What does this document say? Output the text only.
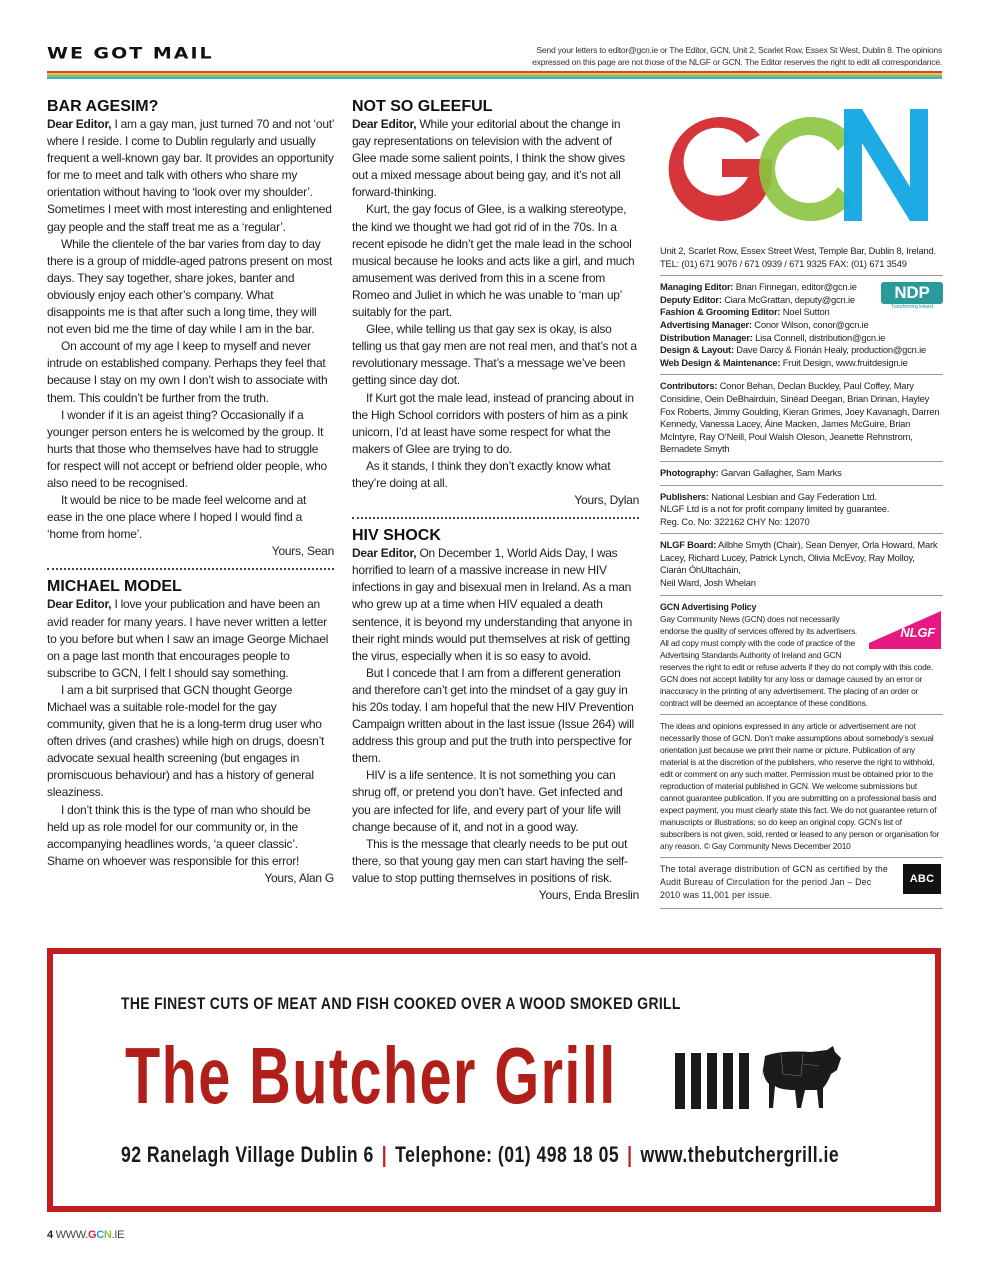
WE GOT MAIL	Send your letters to editor@gcn.ie or The Editor, GCN, Unit 2, Scarlet Row, Essex St West, Dublin 8. The opinions expressed on this page are not those of the NLGF or GCN. The Editor reserves the right to edit all correspondance.
BAR AGESIM?

Dear Editor, I am a gay man, just turned 70 and not ‘out’ where I reside. I come to Dublin regularly and usually frequent a well-known gay bar. It provides an opportunity for me to meet and talk with others who share my orientation without having to ‘look over my shoulder’. Sometimes I meet with most interesting and enlightened gay people and the staff treat me as a ‘regular’.

While the clientele of the bar varies from day to day there is a group of middle-aged patrons present on most days. They say together, share jokes, banter and obviously enjoy each other’s company. What disappoints me is that after such a long time, they will not even bid me the time of day while I am in the bar.

On account of my age I keep to myself and never intrude on established company. Perhaps they feel that because I stay on my own I don’t wish to associate with them. This couldn’t be further from the truth.

I wonder if it is an ageist thing? Occasionally if a younger person enters he is welcomed by the group. It hurts that those who themselves have had to struggle for respect will not accept or befriend older people, who also need to be recognised.

It would be nice to be made feel welcome and at ease in the one place where I hoped I would find a ‘home from home’.

Yours, Sean
MICHAEL MODEL

Dear Editor, I love your publication and have been an avid reader for many years. I have never written a letter to you before but when I saw an image George Michael on a page last month that encourages people to subscribe to GCN, I felt I should say something.

I am a bit surprised that GCN thought George Michael was a suitable role-model for the gay community, given that he is a long-term drug user who often drives (and crashes) while high on drugs, doesn’t advocate sexual health screening (but engages in promiscuous behaviour) and has a history of general sleaziness.

I don’t think this is the type of man who should be held up as role model for our community or, in the accompanying headlines words, ‘a queer classic’. Shame on whoever was responsible for this error!

Yours, Alan G
NOT SO GLEEFUL

Dear Editor, While your editorial about the change in gay representations on television with the advent of Glee made some salient points, I think the show gives out a mixed message about being gay, and it’s not all forward-thinking.

Kurt, the gay focus of Glee, is a walking stereotype, the kind we thought we had got rid of in the 70s. In a recent episode he didn’t get the male lead in the school musical because he looks and acts like a girl, and much amusement was derived from this in a scene from Romeo and Juliet in which he was unable to ‘man up’ suitably for the part.

Glee, while telling us that gay sex is okay, is also telling us that gay men are not real men, and that’s not a revolutionary message. That’s a message we’ve been getting since day dot.

If Kurt got the male lead, instead of prancing about in the High School corridors with posters of him as a pink unicorn, I’d at least have some respect for what the makers of Glee are trying to do.

As it stands, I think they don’t exactly know what they’re doing at all.

Yours, Dylan
HIV SHOCK

Dear Editor, On December 1, World Aids Day, I was horrified to learn of a massive increase in new HIV infections in gay and bisexual men in Ireland. As a man who grew up at a time when HIV equaled a death sentence, it is beyond my understanding that anyone in their right minds would put themselves at risk of getting the virus, especially when it is so easy to avoid.

But I concede that I am from a different generation and therefore can’t get into the mindset of a gay guy in his 20s today. I am hopeful that the new HIV Prevention Campaign written about in the last issue (Issue 264) will address this group and put the truth into perspective for them.

HIV is a life sentence. It is not something you can shrug off, or pretend you don’t have. Get infected and you are infected for life, and every part of your life will change because of it, and not in a good way.

This is the message that clearly needs to be put out there, so that young gay men can start having the self-value to stop putting themselves in positions of risk.

Yours, Enda Breslin
Unit 2, Scarlet Row, Essex Street West, Temple Bar, Dublin 8, Ireland.
TEL: (01) 671 9076 / 671 0939 / 671 9325 FAX: (01) 671 3549
NDP
Transforming Ireland
Managing Editor: Brian Finnegan, editor@gcn.ie
Deputy Editor: Ciara McGrattan, deputy@gcn.ie
Fashion & Grooming Editor: Noel Sutton
Advertising Manager: Conor Wilson, conor@gcn.ie
Distribution Manager: Lisa Connell, distribution@gcn.ie
Design & Layout: Dave Darcy & Fionán Healy, production@gcn.ie
Web Design & Maintenance: Fruit Design, www.fruitdesign.ie
Contributors: Conor Behan, Declan Buckley, Paul Coffey, Mary Considine, Oein DeBhairduin, Sinéad Deegan, Brian Drinan, Hayley Fox Roberts, Jimmy Goulding, Kieran Grimes, Joey Kavanagh, Darren Kennedy, Vanessa Lacey, Áine Macken, James McGuire, Brian McIntyre, Ray O’Neill, Poul Walsh Oleson, Jeanette Rehnstrom, Bernadete Smyth
Photography: Garvan Gallagher, Sam Marks
Publishers: National Lesbian and Gay Federation Ltd.
NLGF Ltd is a not for profit company limited by guarantee.
Reg. Co. No: 322162 CHY No: 12070
NLGF Board: Ailbhe Smyth (Chair), Sean Denyer, Orla Howard, Mark Lacey, Richard Lucey, Patrick Lynch, Olivia McEvoy, Ray Molloy, Ciarán ÓhUltacháin,
Neil Ward, Josh Whelan
NLGF
GCN Advertising Policy
Gay Community News (GCN) does not necessarily endorse the quality of services offered by its advertisers. All ad copy must comply with the code of practice of the Advertising Standards Authority of Ireland and GCN reserves the right to edit or refuse adverts if they do not comply with this code. GCN does not accept liability for any loss or damage caused by an error or inaccuracy in the printing of any advertisement. The placing of an order or contract will be deemed an acceptance of these conditions.
The ideas and opinions expressed in any article or advertisement are not necessarily those of GCN. Don’t make assumptions about somebody’s sexual orientation just because we print their name or picture. Publication of any material is at the discretion of the publishers, who reserve the right to withhold, edit or comment on any such matter. Permission must be obtained prior to the reproduction of material published in GCN. We welcome submissions but cannot guarantee publication. If you are submitting on a professional basis and expect payment, you must clearly state this fact. We do not guarantee return of manuscripts or illustrations; so do keep an original copy. GCN’s list of subscribers is not given, sold, rented or leased to any person or organisation for any reason. © Gay Community News December 2010
The total average distribution of GCN as certified by the Audit Bureau of Circulation for the period Jan – Dec 2010 was 11,001 per issue.
ABC
THE FINEST CUTS OF MEAT AND FISH COOKED OVER A WOOD SMOKED GRILL
The Butcher Grill
92 Ranelagh Village Dublin 6 | Telephone: (01) 498 18 05 | www.thebutchergrill.ie
4 WWW.GCN.IE
